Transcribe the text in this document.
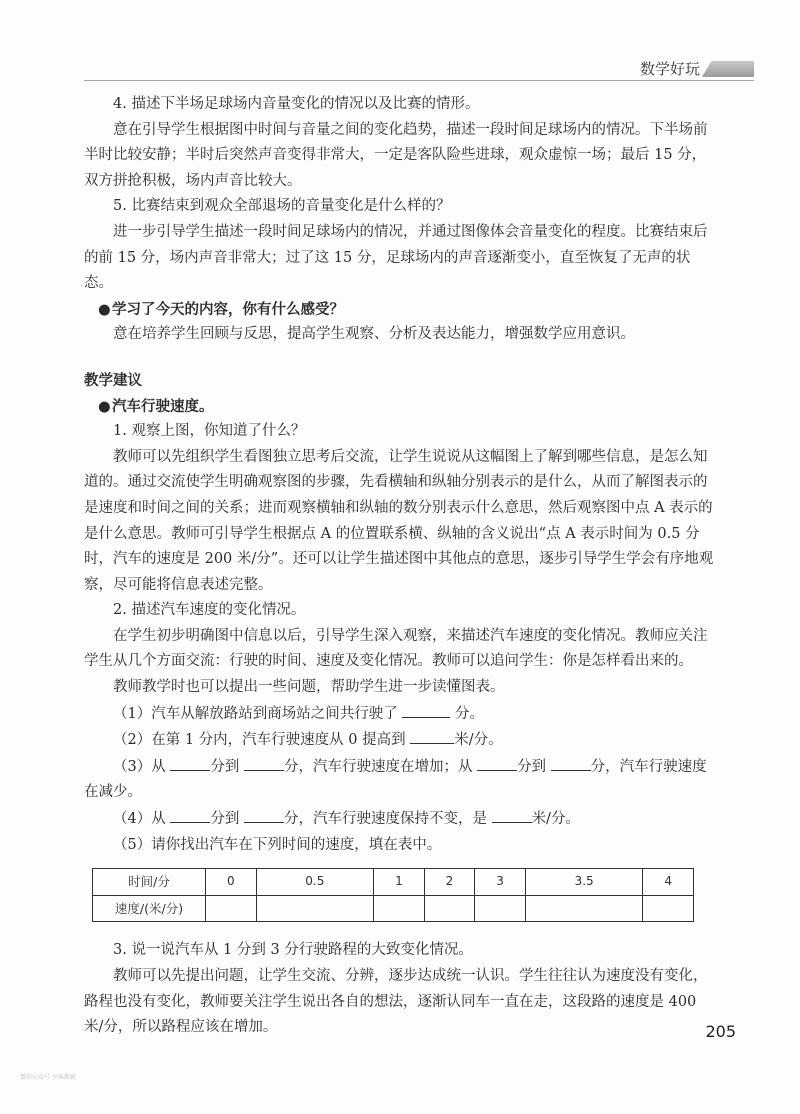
数学好玩

4. 描述下半场足球场内音量变化的情况以及比赛的情形。

意在引导学生根据图中时间与音量之间的变化趋势，描述一段时间足球场内的情况。下半场前半时比较安静；半时后突然声音变得非常大，一定是客队险些进球，观众虚惊一场；最后 15 分，双方拼抢积极，场内声音比较大。

5. 比赛结束到观众全部退场的音量变化是什么样的？

进一步引导学生描述一段时间足球场内的情况，并通过图像体会音量变化的程度。比赛结束后的前 15 分，场内声音非常大；过了这 15 分，足球场内的声音逐渐变小，直至恢复了无声的状态。

●学习了今天的内容，你有什么感受？

意在培养学生回顾与反思，提高学生观察、分析及表达能力，增强数学应用意识。

教学建议

●汽车行驶速度。

1. 观察上图，你知道了什么？

教师可以先组织学生看图独立思考后交流，让学生说说从这幅图上了解到哪些信息，是怎么知道的。通过交流使学生明确观察图的步骤，先看横轴和纵轴分别表示的是什么，从而了解图表示的是速度和时间之间的关系；进而观察横轴和纵轴的数分别表示什么意思，然后观察图中点 A 表示的是什么意思。教师可引导学生根据点 A 的位置联系横、纵轴的含义说出“点 A 表示时间为 0.5 分时，汽车的速度是 200 米/分”。还可以让学生描述图中其他点的意思，逐步引导学生学会有序地观察，尽可能将信息表述完整。

2. 描述汽车速度的变化情况。

在学生初步明确图中信息以后，引导学生深入观察，来描述汽车速度的变化情况。教师应关注学生从几个方面交流：行驶的时间、速度及变化情况。教师可以追问学生：你是怎样看出来的。

教师教学时也可以提出一些问题，帮助学生进一步读懂图表。

（1）汽车从解放路站到商场站之间共行驶了	分。

（2）在第 1 分内，汽车行驶速度从 0 提高到	米/分。

（3）从	分到	分，汽车行驶速度在增加；从	分到	分，汽车行驶速度在减少。

（4）从	分到	分，汽车行驶速度保持不变，是	米/分。

（5）请你找出汽车在下列时间的速度，填在表中。

时间/分	0	0.5	1	2	3	3.5	4
速度/(米/分)							

3. 说一说汽车从 1 分到 3 分行驶路程的大致变化情况。

教师可以先提出问题，让学生交流、分辨，逐步达成统一认识。学生往往认为速度没有变化，路程也没有变化，教师要关注学生说出各自的想法，逐渐认同车一直在走，这段路的速度是 400 米/分，所以路程应该在增加。	205
微信公众号 享客教辅
